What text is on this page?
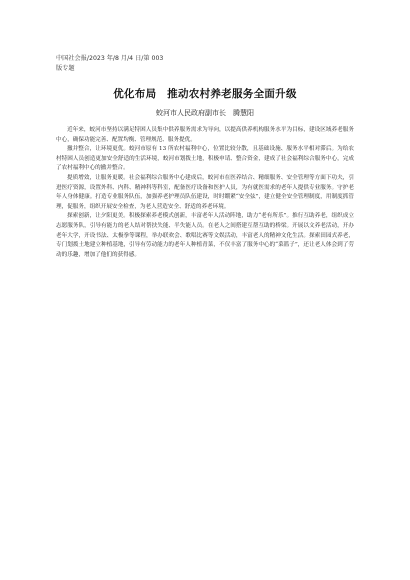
中国社会报/2023 年/8 月/4 日/第 003
版专题
优化布局　推动农村养老服务全面升级
蛟河市人民政府副市长　腾慧阳

近年来，蛟河市坚持以满足特困人员集中供养服务需求为导向，以提高供养机构服务水平为目标，建设区域养老服务中心，确保功能完善、配置均衡、管理规范、服务提优。

撤并整合，让环境更优。蛟河市原有 13 所农村福利中心，位置比较分散，且基础设施、服务水平相对滞后。为给农村特困人员创造更加安全舒适的生活环境，蛟河市划拨土地，积极申请、整合资金，建成了社会福利综合服务中心，完成了农村福利中心的撤并整合。

提质增效，让服务更暖。社会福利综合服务中心建成后，蛟河市在医养结合、精细服务、安全管理等方面下功夫，引进医疗资源，设置外科、内科、精神科等科室，配备医疗设备和医护人员，为有就医需求的老年人提供专业服务。守护老年人身体健康。打造专业服务队伍，加强养老护理员队伍建设，时时绷紧“安全弦”，建立健全安全管理制度，用制度抓管理，促服务，组织开展安全检查，为老人营造安全、舒适的养老环境。

探索创新，让夕阳更美。积极探索养老模式创新，丰富老年人活动阵地，助力“老有所乐”。推行互助养老，组织成立志愿服务队，引导有能力的老人结对帮扶失能、半失能人员。在老人之间搭建互帮互助的桥梁。开展以文养老活动，开办老年大学，开设书法、太极拳等课程，举办联欢会、歌唱比赛等文娱活动，丰富老人的精神文化生活。探索田园式养老，专门划拨土地建立种植基地，引导有劳动能力的老年人种植青菜，不仅丰富了服务中心的“菜篮子”，还让老人体会到了劳动的乐趣，增加了他们的获得感。
